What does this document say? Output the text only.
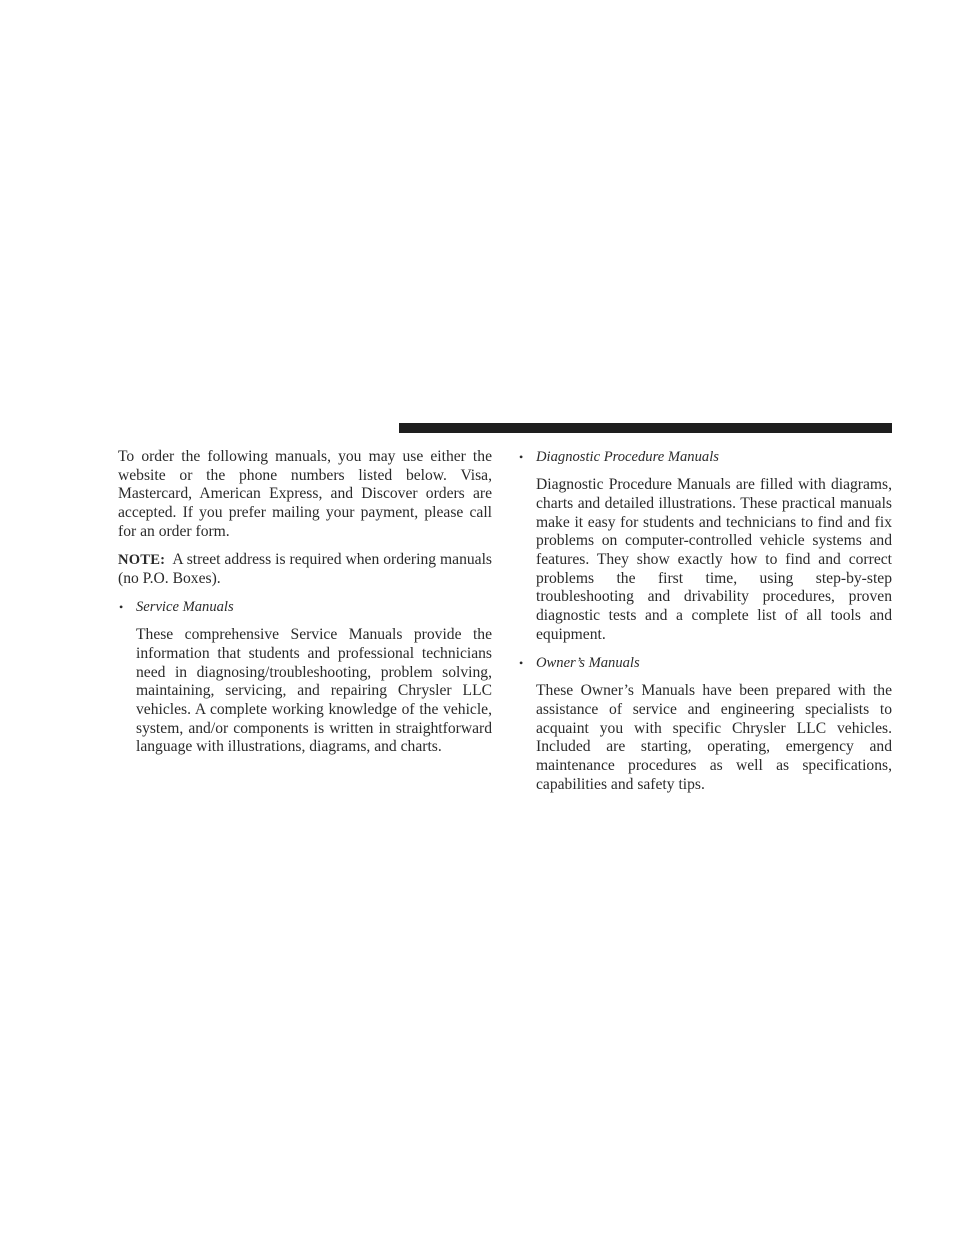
To order the following manuals, you may use either the website or the phone numbers listed below. Visa, Mastercard, American Express, and Discover orders are accepted. If you prefer mailing your payment, please call for an order form.

NOTE: A street address is required when ordering manuals (no P.O. Boxes).

• Service Manuals

These comprehensive Service Manuals provide the information that students and professional technicians need in diagnosing/troubleshooting, problem solving, maintaining, servicing, and repairing Chrysler LLC vehicles. A complete working knowledge of the vehicle, system, and/or components is written in straightforward language with illustrations, diagrams, and charts.

• Diagnostic Procedure Manuals

Diagnostic Procedure Manuals are filled with diagrams, charts and detailed illustrations. These practical manuals make it easy for students and technicians to find and fix problems on computer-controlled vehicle systems and features. They show exactly how to find and correct problems the first time, using step-by-step troubleshooting and drivability procedures, proven diagnostic tests and a complete list of all tools and equipment.

• Owner’s Manuals

These Owner’s Manuals have been prepared with the assistance of service and engineering specialists to acquaint you with specific Chrysler LLC vehicles. Included are starting, operating, emergency and maintenance procedures as well as specifications, capabilities and safety tips.
